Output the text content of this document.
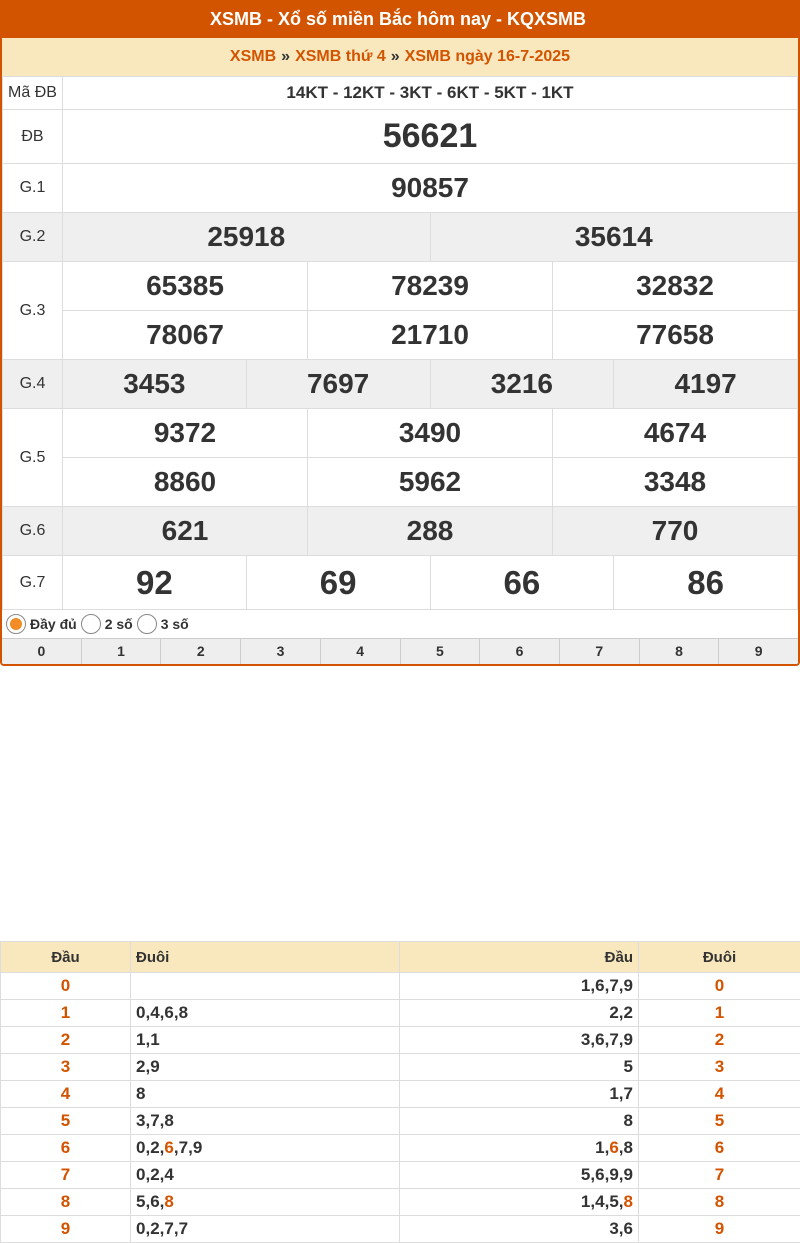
XSMB - Xổ số miền Bắc hôm nay - KQXSMB
XSMB » XSMB thứ 4 » XSMB ngày 16-7-2025
Mã ĐB	14KT - 12KT - 3KT - 6KT - 5KT - 1KT					
ĐB	56621					
G.1	90857					
G.2	25918			35614		
G.3	65385		78239		32832	
	78067		21710		77658	
G.4	3453	7697		3216		4197
G.5	9372		3490		4674	
	8860		5962		3348	
G.6	621		288		770	
G.7	92	69		66		86
Đầy đủ 2 số 3 số
0	1	2	3	4	5	6	7	8	9
Đầu	Đuôi	Đầu	Đuôi
0		1,6,7,9	0
1	0,4,6,8	2,2	1
2	1,1	3,6,7,9	2
3	2,9	5	3
4	8	1,7	4
5	3,7,8	8	5
6	0,2,6,7,9	1,6,8	6
7	0,2,4	5,6,9,9	7
8	5,6,8	1,4,5,8	8
9	0,2,7,7	3,6	9
